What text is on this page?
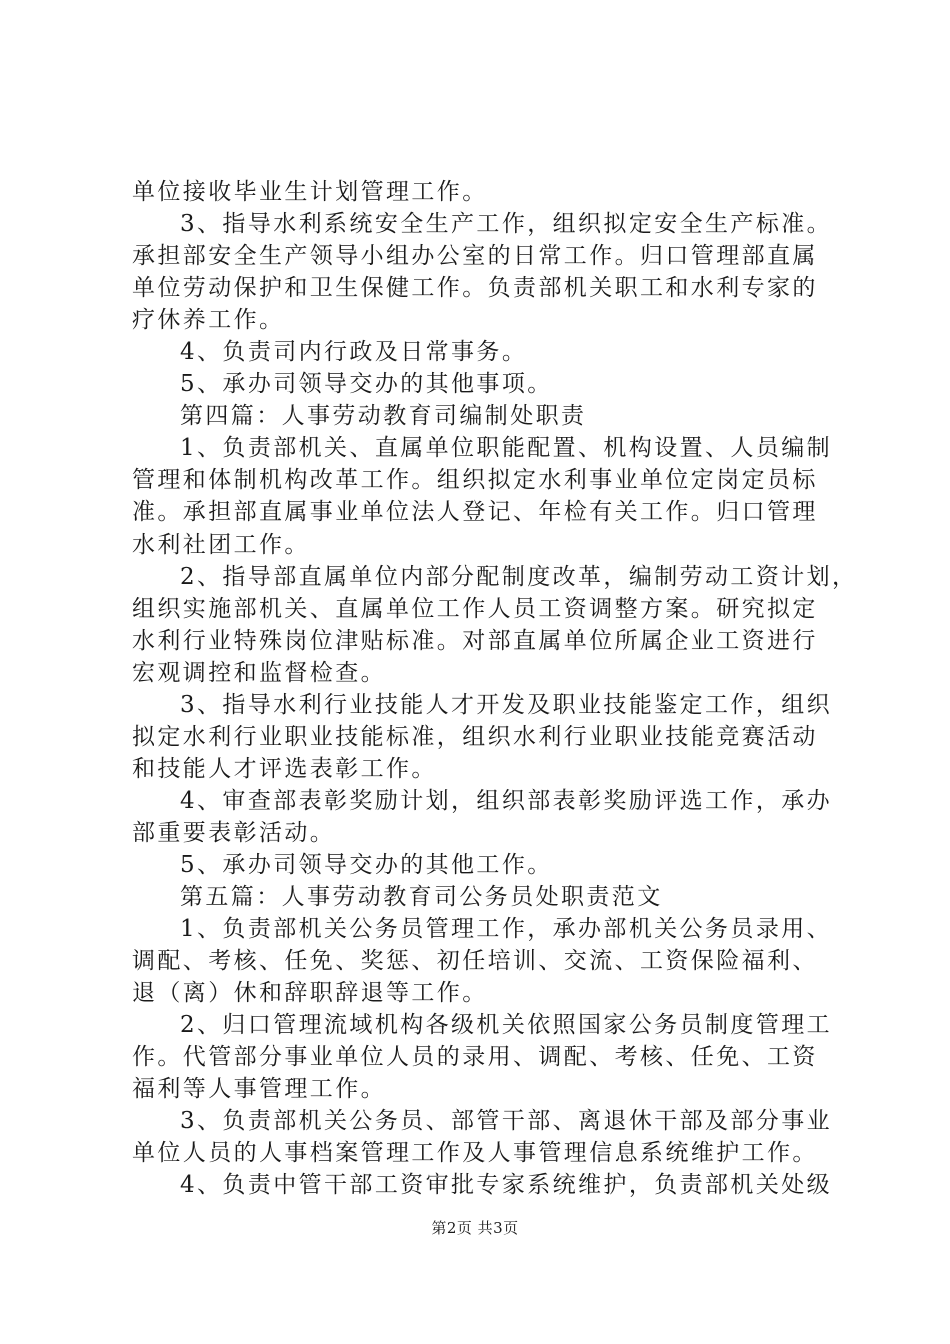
单位接收毕业生计划管理工作。
3、指导水利系统安全生产工作，组织拟定安全生产标准。
承担部安全生产领导小组办公室的日常工作。归口管理部直属
单位劳动保护和卫生保健工作。负责部机关职工和水利专家的
疗休养工作。
4、负责司内行政及日常事务。
5、承办司领导交办的其他事项。
第四篇：人事劳动教育司编制处职责
1、负责部机关、直属单位职能配置、机构设置、人员编制
管理和体制机构改革工作。组织拟定水利事业单位定岗定员标
准。承担部直属事业单位法人登记、年检有关工作。归口管理
水利社团工作。
2、指导部直属单位内部分配制度改革，编制劳动工资计划，
组织实施部机关、直属单位工作人员工资调整方案。研究拟定
水利行业特殊岗位津贴标准。对部直属单位所属企业工资进行
宏观调控和监督检查。
3、指导水利行业技能人才开发及职业技能鉴定工作，组织
拟定水利行业职业技能标准，组织水利行业职业技能竞赛活动
和技能人才评选表彰工作。
4、审查部表彰奖励计划，组织部表彰奖励评选工作，承办
部重要表彰活动。
5、承办司领导交办的其他工作。
第五篇：人事劳动教育司公务员处职责范文
1、负责部机关公务员管理工作，承办部机关公务员录用、
调配、考核、任免、奖惩、初任培训、交流、工资保险福利、
退（离）休和辞职辞退等工作。
2、归口管理流域机构各级机关依照国家公务员制度管理工
作。代管部分事业单位人员的录用、调配、考核、任免、工资
福利等人事管理工作。
3、负责部机关公务员、部管干部、离退休干部及部分事业
单位人员的人事档案管理工作及人事管理信息系统维护工作。
4、负责中管干部工资审批专家系统维护，负责部机关处级
第2页 共3页
